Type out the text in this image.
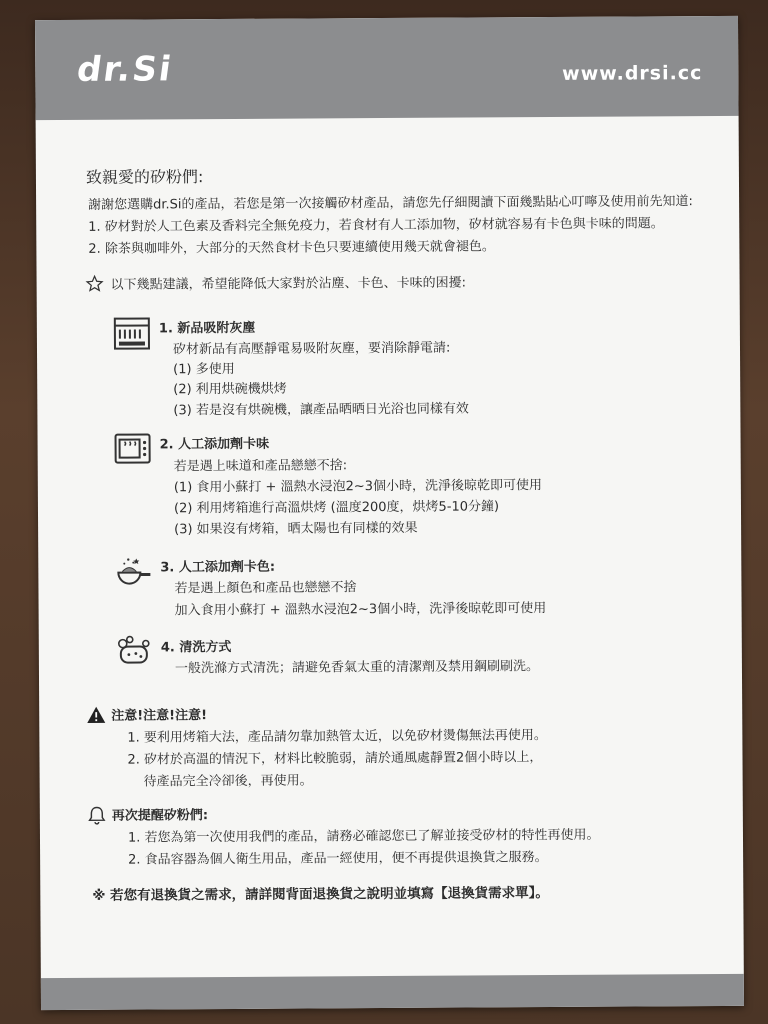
dr.Si	www.drsi.cc
致親愛的矽粉們:
謝謝您選購dr.Si的產品，若您是第一次接觸矽材產品，請您先仔細閱讀下面幾點貼心叮嚀及使用前先知道:
1. 矽材對於人工色素及香料完全無免疫力，若食材有人工添加物，矽材就容易有卡色與卡味的問題。
2. 除茶與咖啡外，大部分的天然食材卡色只要連續使用幾天就會褪色。
以下幾點建議，希望能降低大家對於沾塵、卡色、卡味的困擾:
1. 新品吸附灰塵
矽材新品有高壓靜電易吸附灰塵，要消除靜電請:
(1) 多使用
(2) 利用烘碗機烘烤
(3) 若是沒有烘碗機，讓產品晒晒日光浴也同樣有效
2. 人工添加劑卡味
若是遇上味道和產品戀戀不捨:
(1) 食用小蘇打 + 溫熱水浸泡2~3個小時，洗淨後晾乾即可使用
(2) 利用烤箱進行高溫烘烤 (溫度200度，烘烤5-10分鐘)
(3) 如果沒有烤箱，晒太陽也有同樣的效果
3. 人工添加劑卡色:
若是遇上顏色和產品也戀戀不捨
加入食用小蘇打 + 溫熱水浸泡2~3個小時，洗淨後晾乾即可使用
4. 清洗方式
一般洗滌方式清洗；請避免香氣太重的清潔劑及禁用鋼刷刷洗。
注意!注意!注意!
1. 要利用烤箱大法，產品請勿靠加熱管太近，以免矽材燙傷無法再使用。
2. 矽材於高溫的情況下，材料比較脆弱，請於通風處靜置2個小時以上，
待產品完全冷卻後，再使用。
再次提醒矽粉們:
1. 若您為第一次使用我們的產品，請務必確認您已了解並接受矽材的特性再使用。
2. 食品容器為個人衛生用品，產品一經使用，便不再提供退換貨之服務。
※ 若您有退換貨之需求，請詳閱背面退換貨之說明並填寫【退換貨需求單】。
